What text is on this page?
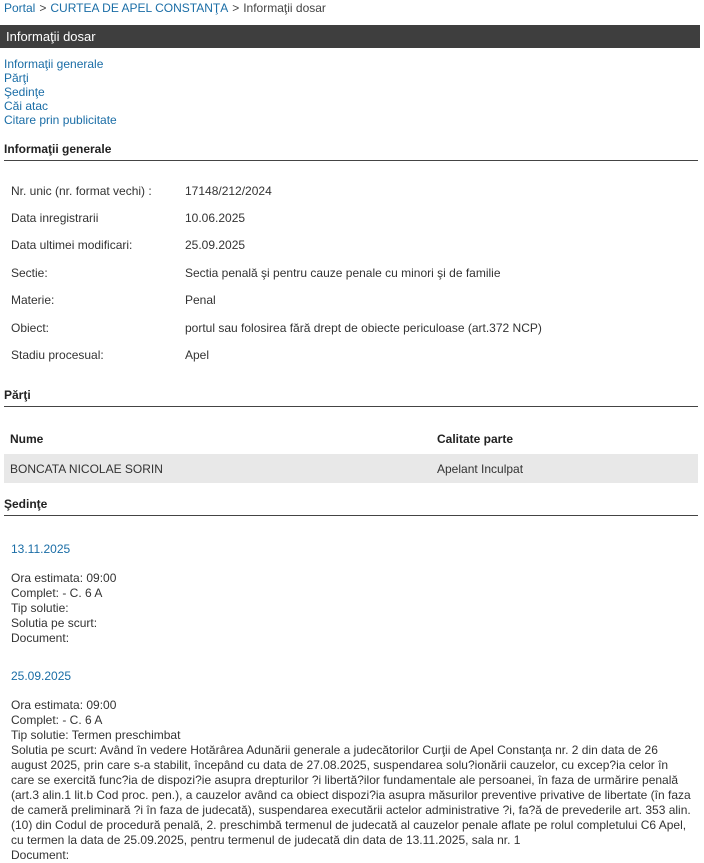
Portal > CURTEA DE APEL CONSTANŢA > Informaţii dosar
Informaţii dosar
Informaţii generale
Părţi
Şedinţe
Căi atac
Citare prin publicitate
Informaţii generale
Nr. unic (nr. format vechi) :	17148/212/2024
Data inregistrarii	10.06.2025
Data ultimei modificari:	25.09.2025
Sectie:	Sectia penală şi pentru cauze penale cu minori şi de familie
Materie:	Penal
Obiect:	portul sau folosirea fără drept de obiecte periculoase (art.372 NCP)
Stadiu procesual:	Apel
Părţi
Nume	Calitate parte
BONCATA NICOLAE SORIN	Apelant Inculpat
Şedinţe
13.11.2025
Ora estimata: 09:00
Complet: - C. 6 A
Tip solutie:
Solutia pe scurt:
Document:
25.09.2025
Ora estimata: 09:00
Complet: - C. 6 A
Tip solutie: Termen preschimbat
Solutia pe scurt: Având în vedere Hotărârea Adunării generale a judecătorilor Curţii de Apel Constanţa nr. 2 din data de 26 august 2025, prin care s-a stabilit, începând cu data de 27.08.2025, suspendarea solu?ionării cauzelor, cu excep?ia celor în care se exercită func?ia de dispozi?ie asupra drepturilor ?i libertă?ilor fundamentale ale persoanei, în faza de urmărire penală (art.3 alin.1 lit.b Cod proc. pen.), a cauzelor având ca obiect dispozi?ia asupra măsurilor preventive privative de libertate (în faza de cameră preliminară ?i în faza de judecată), suspendarea executării actelor administrative ?i, fa?ă de prevederile art. 353 alin. (10) din Codul de procedură penală, 2. preschimbă termenul de judecată al cauzelor penale aflate pe rolul completului C6 Apel, cu termen la data de 25.09.2025, pentru termenul de judecată din data de 13.11.2025, sala nr. 1
Document:
